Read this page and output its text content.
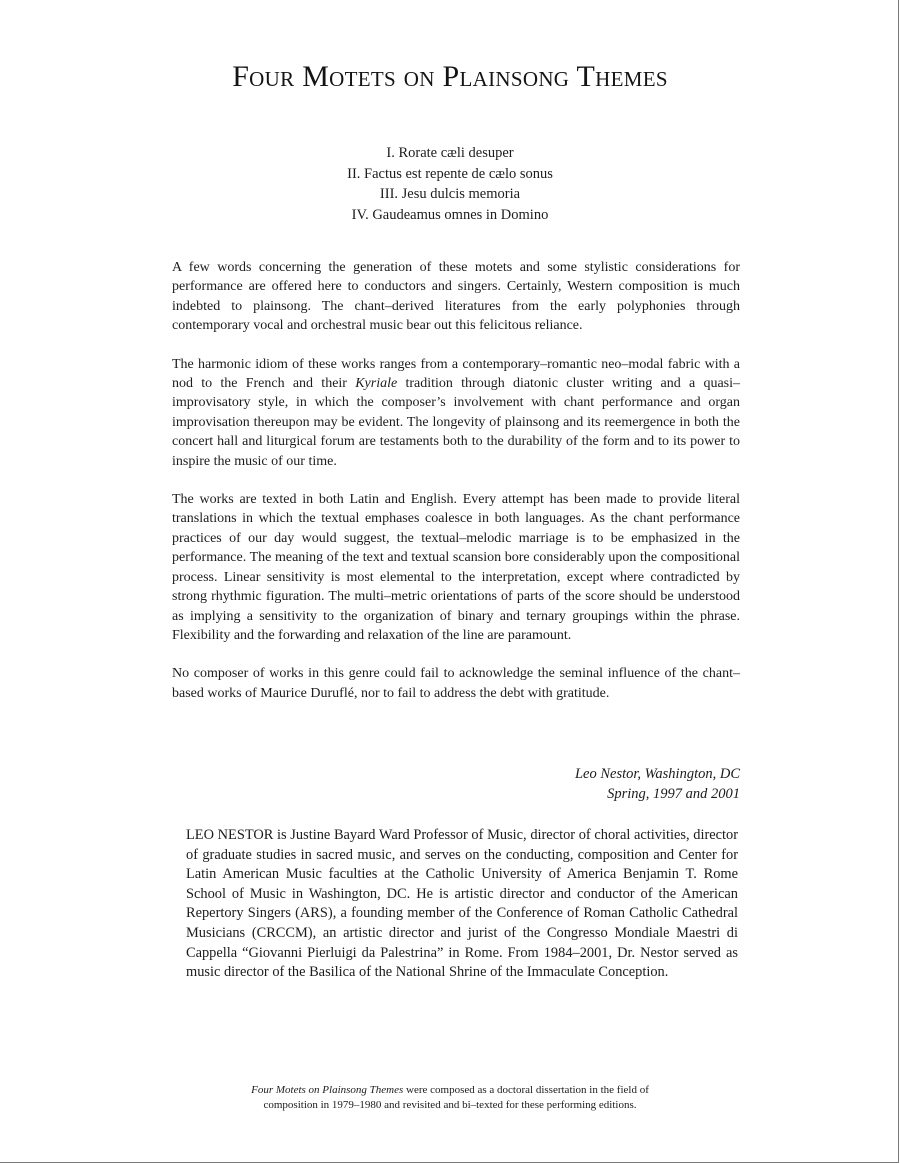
Four Motets on Plainsong Themes
I. Rorate cæli desuper
II. Factus est repente de cælo sonus
III. Jesu dulcis memoria
IV. Gaudeamus omnes in Domino

A few words concerning the generation of these motets and some stylistic considerations for performance are offered here to conductors and singers. Certainly, Western composition is much indebted to plainsong. The chant–derived literatures from the early polyphonies through contemporary vocal and orchestral music bear out this felicitous reliance.

The harmonic idiom of these works ranges from a contemporary–romantic neo–modal fabric with a nod to the French and their Kyriale tradition through diatonic cluster writing and a quasi–improvisatory style, in which the composer’s involvement with chant performance and organ improvisation thereupon may be evident. The longevity of plainsong and its reemergence in both the concert hall and liturgical forum are testaments both to the durability of the form and to its power to inspire the music of our time.

The works are texted in both Latin and English. Every attempt has been made to provide literal translations in which the textual emphases coalesce in both languages. As the chant performance practices of our day would suggest, the textual–melodic marriage is to be emphasized in the performance. The meaning of the text and textual scansion bore considerably upon the compositional process. Linear sensitivity is most elemental to the interpretation, except where contradicted by strong rhythmic figuration. The multi–metric orientations of parts of the score should be understood as implying a sensitivity to the organization of binary and ternary groupings within the phrase. Flexibility and the forwarding and relaxation of the line are paramount.

No composer of works in this genre could fail to acknowledge the seminal influence of the chant–based works of Maurice Duruflé, nor to fail to address the debt with gratitude.

Leo Nestor, Washington, DC
Spring, 1997 and 2001

LEO NESTOR is Justine Bayard Ward Professor of Music, director of choral activities, director of graduate studies in sacred music, and serves on the conducting, composition and Center for Latin American Music faculties at the Catholic University of America Benjamin T. Rome School of Music in Washington, DC. He is artistic director and conductor of the American Repertory Singers (ARS), a founding member of the Conference of Roman Catholic Cathedral Musicians (CRCCM), an artistic director and jurist of the Congresso Mondiale Maestri di Cappella “Giovanni Pierluigi da Palestrina” in Rome. From 1984–2001, Dr. Nestor served as music director of the Basilica of the National Shrine of the Immaculate Conception.

Four Motets on Plainsong Themes were composed as a doctoral dissertation in the field of

composition in 1979–1980 and revisited and bi–texted for these performing editions.
